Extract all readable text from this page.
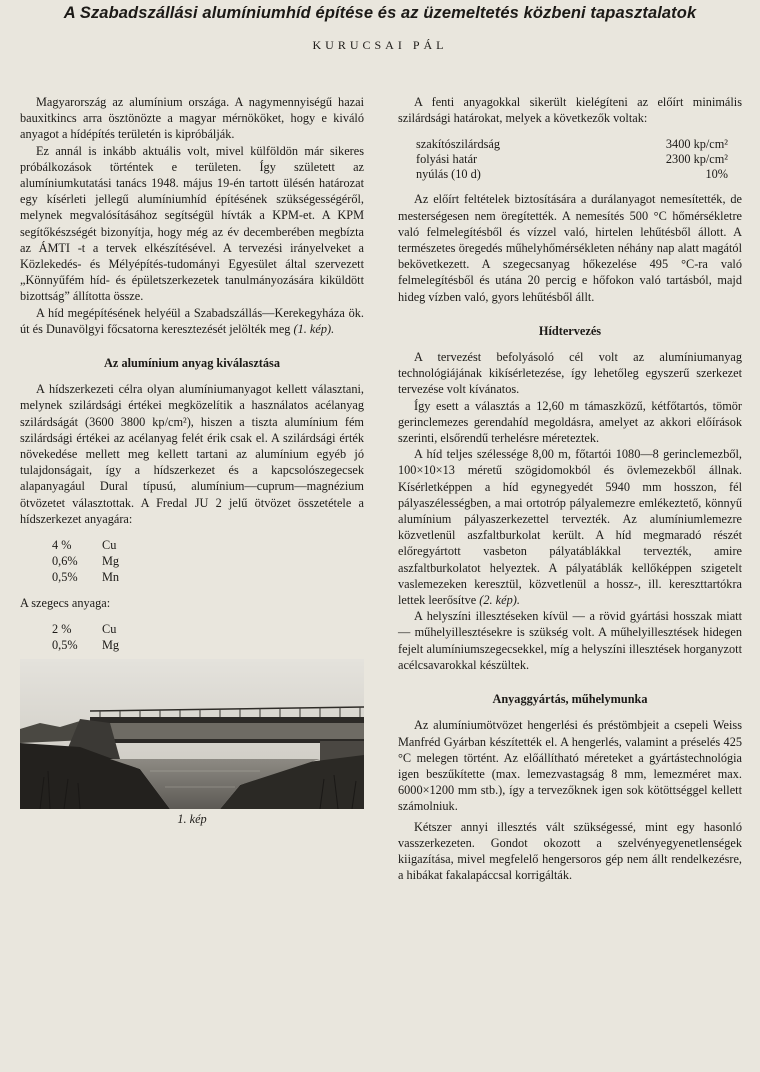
A Szabadszállási alumíniumhíd építése és az üzemeltetés közbeni tapasztalatok
KURUCSAI PÁL

Magyarország az alumínium országa. A nagymennyiségű hazai bauxitkincs arra ösztönözte a magyar mérnököket, hogy e kiváló anyagot a hídépítés területén is kipróbálják.

Ez annál is inkább aktuális volt, mivel külföldön már sikeres próbálkozások történtek e területen. Így született az alumíniumkutatási tanács 1948. május 19-én tartott ülésén határozat egy kísérleti jellegű alumíniumhíd építésének szükségességéről, melynek megvalósításához segítségül hívták a KPM-et. A KPM segítőkészségét bizonyítja, hogy még az év decemberében megbízta az ÁMTI -t a tervek elkészítésével. A tervezési irányelveket a Közlekedés- és Mélyépítés-tudományi Egyesület által szervezett „Könnyűfém híd- és épületszerkezetek tanulmányozására kiküldött bizottság” állította össze.

A híd megépítésének helyéül a Szabadszállás—Kerekegyháza ök. út és Dunavölgyi főcsatorna keresztezését jelölték meg (1. kép).

Az alumínium anyag kiválasztása

A hídszerkezeti célra olyan alumíniumanyagot kellett választani, melynek szilárdsági értékei megközelítik a használatos acélanyag szilárdságát (3600 3800 kp/cm²), hiszen a tiszta alumínium fém szilárdsági értékei az acélanyag felét érik csak el. A szilárdsági érték növekedése mellett meg kellett tartani az alumínium egyéb jó tulajdonságait, így a hídszerkezet és a kapcsolószegecsek alapanyagául Dural típusú, alumínium—cuprum—magnézium ötvözetet választottak. A Fredal JU 2 jelű ötvözet összetétele a hídszerkezet anyagára:

4 %	Cu
0,6%	Mg
0,5%	Mn

A szegecs anyaga:

2 %	Cu
0,5%	Mg
1. kép

A fenti anyagokkal sikerült kielégíteni az előírt minimális szilárdsági határokat, melyek a következők voltak:

szakítószilárdság	3400 kp/cm²
folyási határ	2300 kp/cm²
nyúlás (10 d)	10%

Az előírt feltételek biztosítására a durálanyagot nemesítették, de mesterségesen nem öregítették. A nemesítés 500 °C hőmérsékletre való felmelegítésből és vízzel való, hirtelen lehűtésből állott. A természetes öregedés műhelyhőmérsékleten néhány nap alatt magától bekövetkezett. A szegecsanyag hőkezelése 495 °C-ra való felmelegítésből és utána 20 percig e hőfokon való tartásból, majd hideg vízben való, gyors lehűtésből állt.

Hídtervezés

A tervezést befolyásoló cél volt az alumíniumanyag technológiájának kikísérletezése, így lehetőleg egyszerű szerkezet tervezése volt kívánatos.

Így esett a választás a 12,60 m támaszközű, kétfőtartós, tömör gerinclemezes gerendahíd megoldásra, amelyet az akkori előírások szerinti, elsőrendű terhelésre méreteztek.

A híd teljes szélessége 8,00 m, főtartói 1080—8 gerinclemezből, 100×10×13 méretű szögidomokból és övlemezekből állnak. Kísérletképpen a híd egynegyedét 5940 mm hosszon, fél pályaszélességben, a mai ortotróp pályalemezre emlékeztető, könnyű alumínium pályaszerkezettel tervezték. Az alumíniumlemezre közvetlenül aszfaltburkolat került. A híd megmaradó részét előregyártott vasbeton pályatáblákkal tervezték, amire aszfaltburkolatot helyeztek. A pályatáblák kellőképpen szigetelt vaslemezeken keresztül, közvetlenül a hossz-, ill. kereszttartókra lettek leerősítve (2. kép).

A helyszíni illesztéseken kívül — a rövid gyártási hosszak miatt — műhelyillesztésekre is szükség volt. A műhelyillesztések hidegen fejelt alumíniumszegecsekkel, míg a helyszíni illesztések horganyzott acélcsavarokkal készültek.

Anyaggyártás, műhelymunka

Az alumíniumötvözet hengerlési és préstömbjeit a csepeli Weiss Manfréd Gyárban készítették el. A hengerlés, valamint a préselés 425 °C melegen történt. Az előállítható méreteket a gyártástechnológia igen beszűkítette (max. lemezvastagság 8 mm, lemezméret max. 6000×1200 mm stb.), így a tervezőknek igen sok kötöttséggel kellett számolniuk.

Kétszer annyi illesztés vált szükségessé, mint egy hasonló vasszerkezeten. Gondot okozott a szelvényegyenetlenségek kiigazítása, mivel megfelelő hengersoros gép nem állt rendelkezésre, a hibákat fakalapáccsal korrigálták.
